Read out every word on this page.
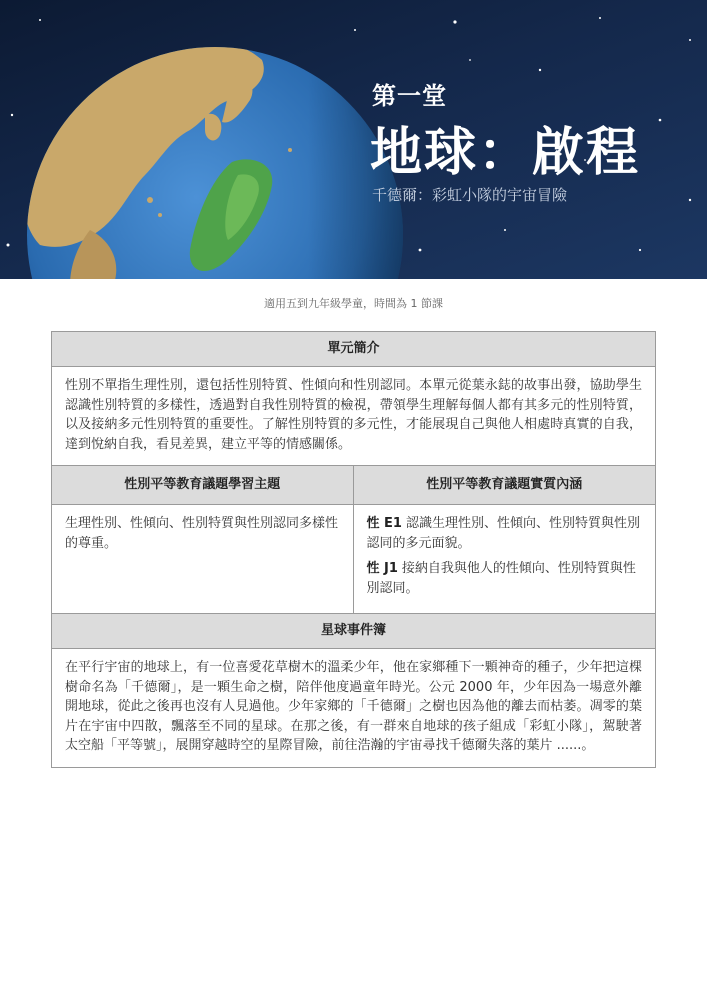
第一堂
地球：啟程
千德爾：彩虹小隊的宇宙冒險
適用五到九年級學童，時間為 1 節課
單元簡介
性別不單指生理性別，還包括性別特質、性傾向和性別認同。本單元從葉永鋕的故事出發，協助學生認識性別特質的多樣性，透過對自我性別特質的檢視，帶領學生理解每個人都有其多元的性別特質，以及接納多元性別特質的重要性。了解性別特質的多元性，才能展現自己與他人相處時真實的自我，達到悅納自我，看見差異，建立平等的情感關係。
性別平等教育議題學習主題
生理性別、性傾向、性別特質與性別認同多樣性的尊重。
性別平等教育議題實質內涵

性 E1 認識生理性別、性傾向、性別特質與性別認同的多元面貌。

性 J1 接納自我與他人的性傾向、性別特質與性別認同。

星球事件簿
在平行宇宙的地球上，有一位喜愛花草樹木的溫柔少年，他在家鄉種下一顆神奇的種子，少年把這棵樹命名為「千德爾」，是一顆生命之樹，陪伴他度過童年時光。公元 2000 年，少年因為一場意外離開地球，從此之後再也沒有人見過他。少年家鄉的「千德爾」之樹也因為他的離去而枯萎。凋零的葉片在宇宙中四散，飄落至不同的星球。在那之後，有一群來自地球的孩子組成「彩虹小隊」，駕駛著太空船「平等號」，展開穿越時空的星際冒險，前往浩瀚的宇宙尋找千德爾失落的葉片 ......。
